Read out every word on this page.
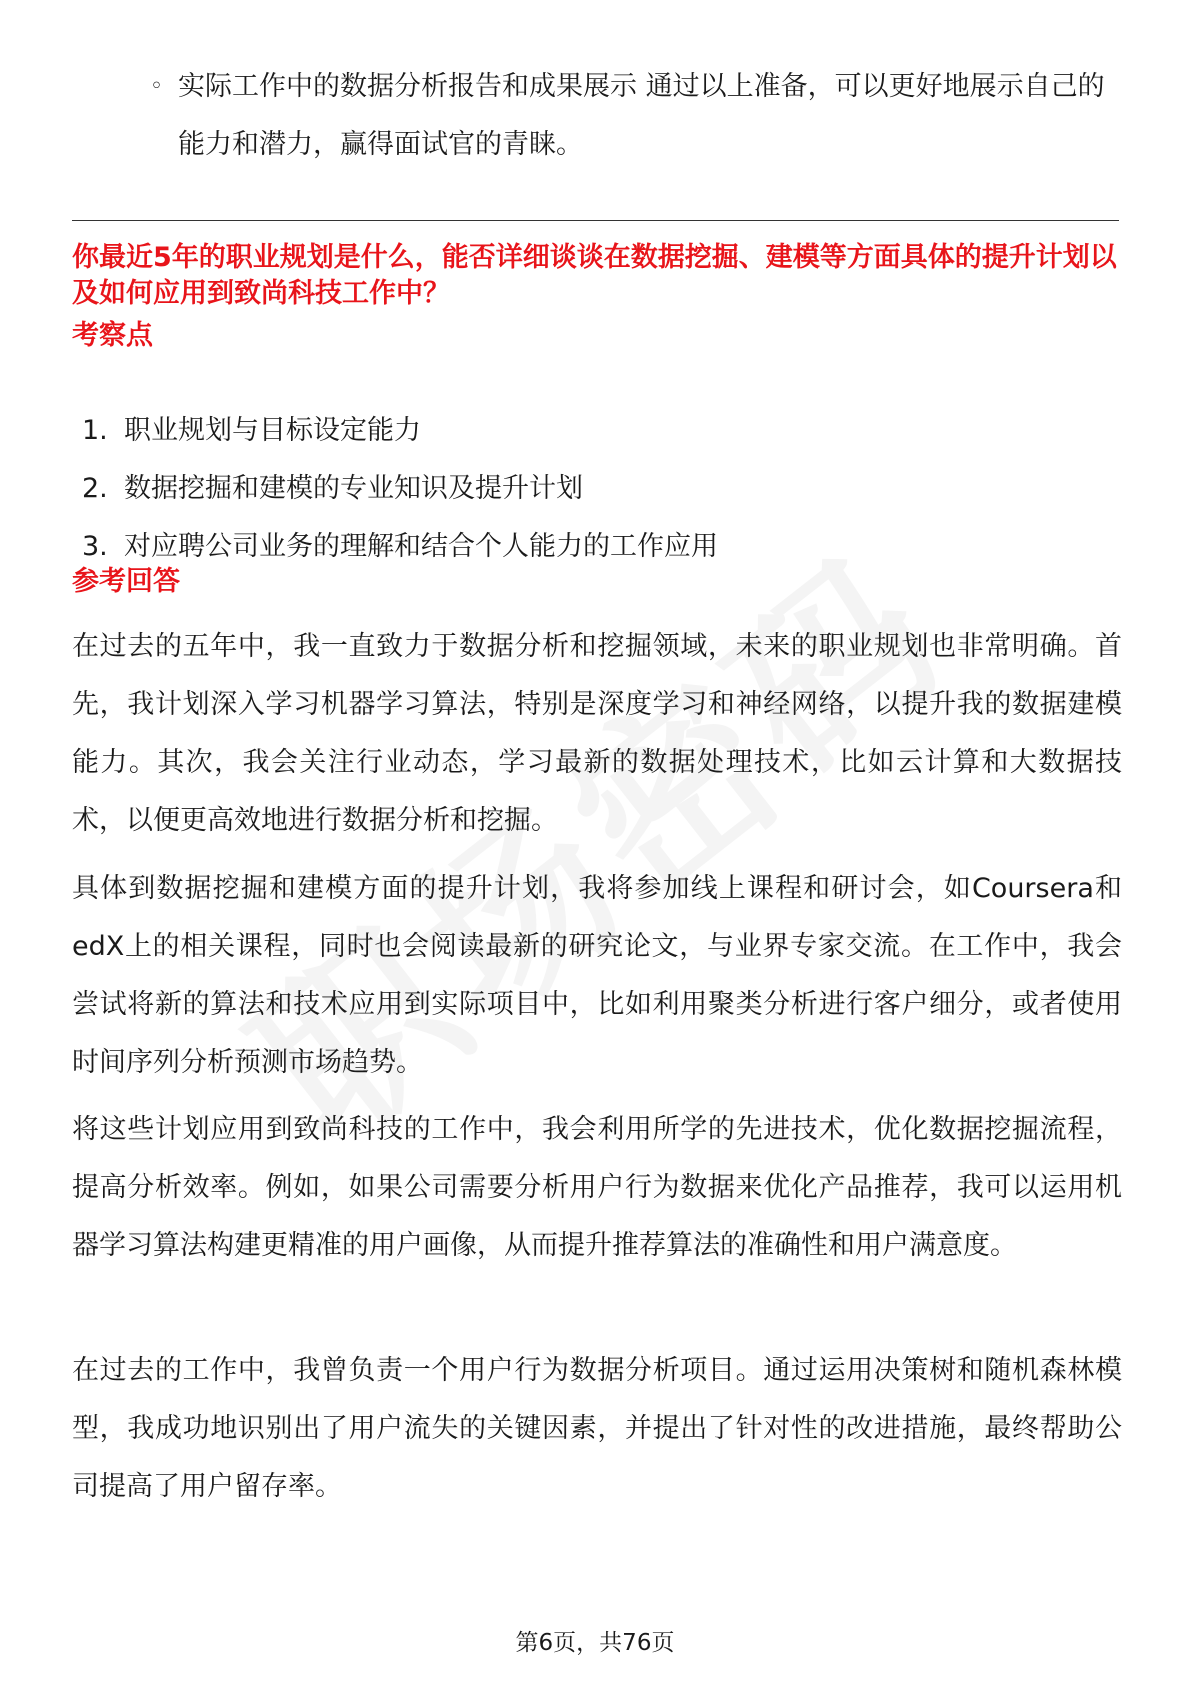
◦ 实际工作中的数据分析报告和成果展示 通过以上准备，可以更好地展示自己的能力和潜力，赢得面试官的青睐。
你最近5年的职业规划是什么，能否详细谈谈在数据挖掘、建模等方面具体的提升计划以及如何应用到致尚科技工作中？
考察点
1. 职业规划与目标设定能力
2. 数据挖掘和建模的专业知识及提升计划
3. 对应聘公司业务的理解和结合个人能力的工作应用
参考回答

在过去的五年中，我一直致力于数据分析和挖掘领域，未来的职业规划也非常明确。首先，我计划深入学习机器学习算法，特别是深度学习和神经网络，以提升我的数据建模能力。其次，我会关注行业动态，学习最新的数据处理技术，比如云计算和大数据技术，以便更高效地进行数据分析和挖掘。

具体到数据挖掘和建模方面的提升计划，我将参加线上课程和研讨会，如Coursera和edX上的相关课程，同时也会阅读最新的研究论文，与业界专家交流。在工作中，我会尝试将新的算法和技术应用到实际项目中，比如利用聚类分析进行客户细分，或者使用时间序列分析预测市场趋势。

将这些计划应用到致尚科技的工作中，我会利用所学的先进技术，优化数据挖掘流程，提高分析效率。例如，如果公司需要分析用户行为数据来优化产品推荐，我可以运用机器学习算法构建更精准的用户画像，从而提升推荐算法的准确性和用户满意度。

在过去的工作中，我曾负责一个用户行为数据分析项目。通过运用决策树和随机森林模型，我成功地识别出了用户流失的关键因素，并提出了针对性的改进措施，最终帮助公司提高了用户留存率。

第6页，共76页
